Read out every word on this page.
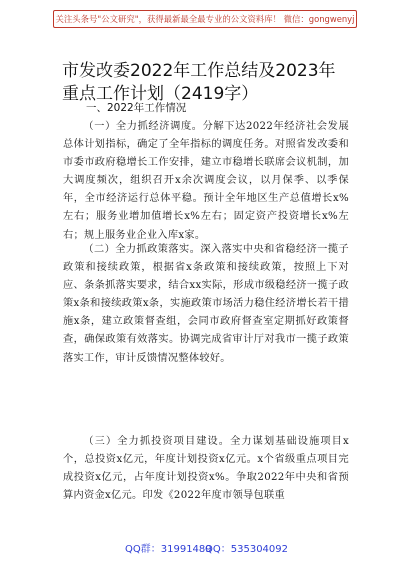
关注头条号"公文研究"，获得最新最全最专业的公文资料库！ 微信：gongwenyj
市发改委2022年工作总结及2023年重点工作计划（2419字）
一、2022年工作情况
（一）全力抓经济调度。分解下达2022年经济社会发展总体计划指标，确定了全年指标的调度任务。对照省发改委和市委市政府稳增长工作安排，建立市稳增长联席会议机制，加大调度频次，组织召开x余次调度会议，以月保季、以季保年，全市经济运行总体平稳。预计全年地区生产总值增长x%左右；服务业增加值增长x%左右；固定资产投资增长x%左右；规上服务业企业入库x家。
（二）全力抓政策落实。深入落实中央和省稳经济一揽子政策和接续政策，根据省x条政策和接续政策，按照上下对应、条条抓落实要求，结合xx实际，形成市级稳经济一揽子政策x条和接续政策x条，实施政策市场活力稳住经济增长若干措施x条，建立政策督查组，会同市政府督查室定期抓好政策督查，确保政策有效落实。协调完成省审计厅对我市一揽子政策落实工作，审计反馈情况整体较好。
（三）全力抓投资项目建设。全力谋划基础设施项目x个，总投资x亿元，年度计划投资x亿元。x个省级重点项目完成投资x亿元，占年度计划投资x%。争取2022年中央和省预算内资金x亿元。印发《2022年度市领导包联重
QQ群：31991489
QQ：535304092
